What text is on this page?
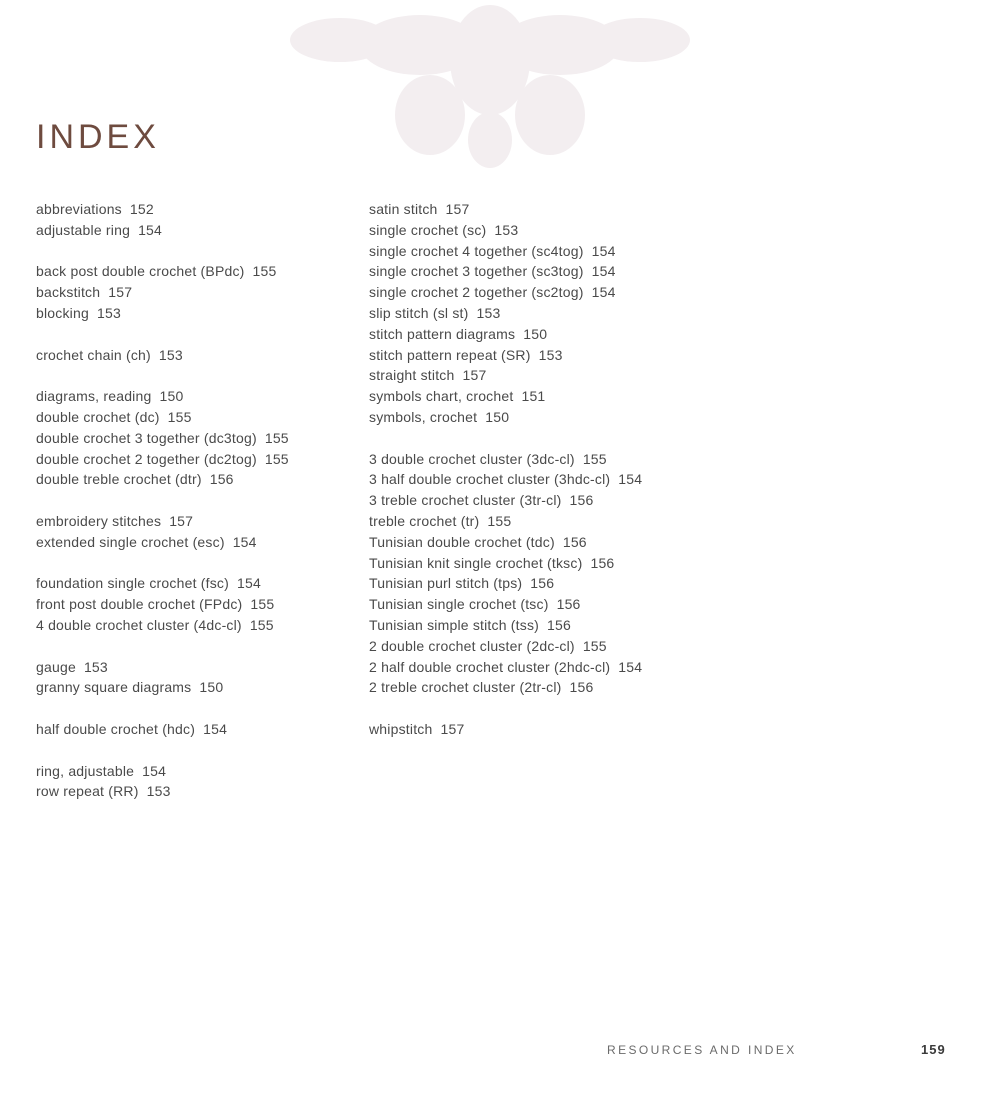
INDEX
abbreviations 152
adjustable ring 154
back post double crochet (BPdc) 155
backstitch 157
blocking 153
crochet chain (ch) 153
diagrams, reading 150
double crochet (dc) 155
double crochet 3 together (dc3tog) 155
double crochet 2 together (dc2tog) 155
double treble crochet (dtr) 156
embroidery stitches 157
extended single crochet (esc) 154
foundation single crochet (fsc) 154
front post double crochet (FPdc) 155
4 double crochet cluster (4dc-cl) 155
gauge 153
granny square diagrams 150
half double crochet (hdc) 154
ring, adjustable 154
row repeat (RR) 153
satin stitch 157
single crochet (sc) 153
single crochet 4 together (sc4tog) 154
single crochet 3 together (sc3tog) 154
single crochet 2 together (sc2tog) 154
slip stitch (sl st) 153
stitch pattern diagrams 150
stitch pattern repeat (SR) 153
straight stitch 157
symbols chart, crochet 151
symbols, crochet 150
3 double crochet cluster (3dc-cl) 155
3 half double crochet cluster (3hdc-cl) 154
3 treble crochet cluster (3tr-cl) 156
treble crochet (tr) 155
Tunisian double crochet (tdc) 156
Tunisian knit single crochet (tksc) 156
Tunisian purl stitch (tps) 156
Tunisian single crochet (tsc) 156
Tunisian simple stitch (tss) 156
2 double crochet cluster (2dc-cl) 155
2 half double crochet cluster (2hdc-cl) 154
2 treble crochet cluster (2tr-cl) 156
whipstitch 157
RESOURCES AND INDEX	159
